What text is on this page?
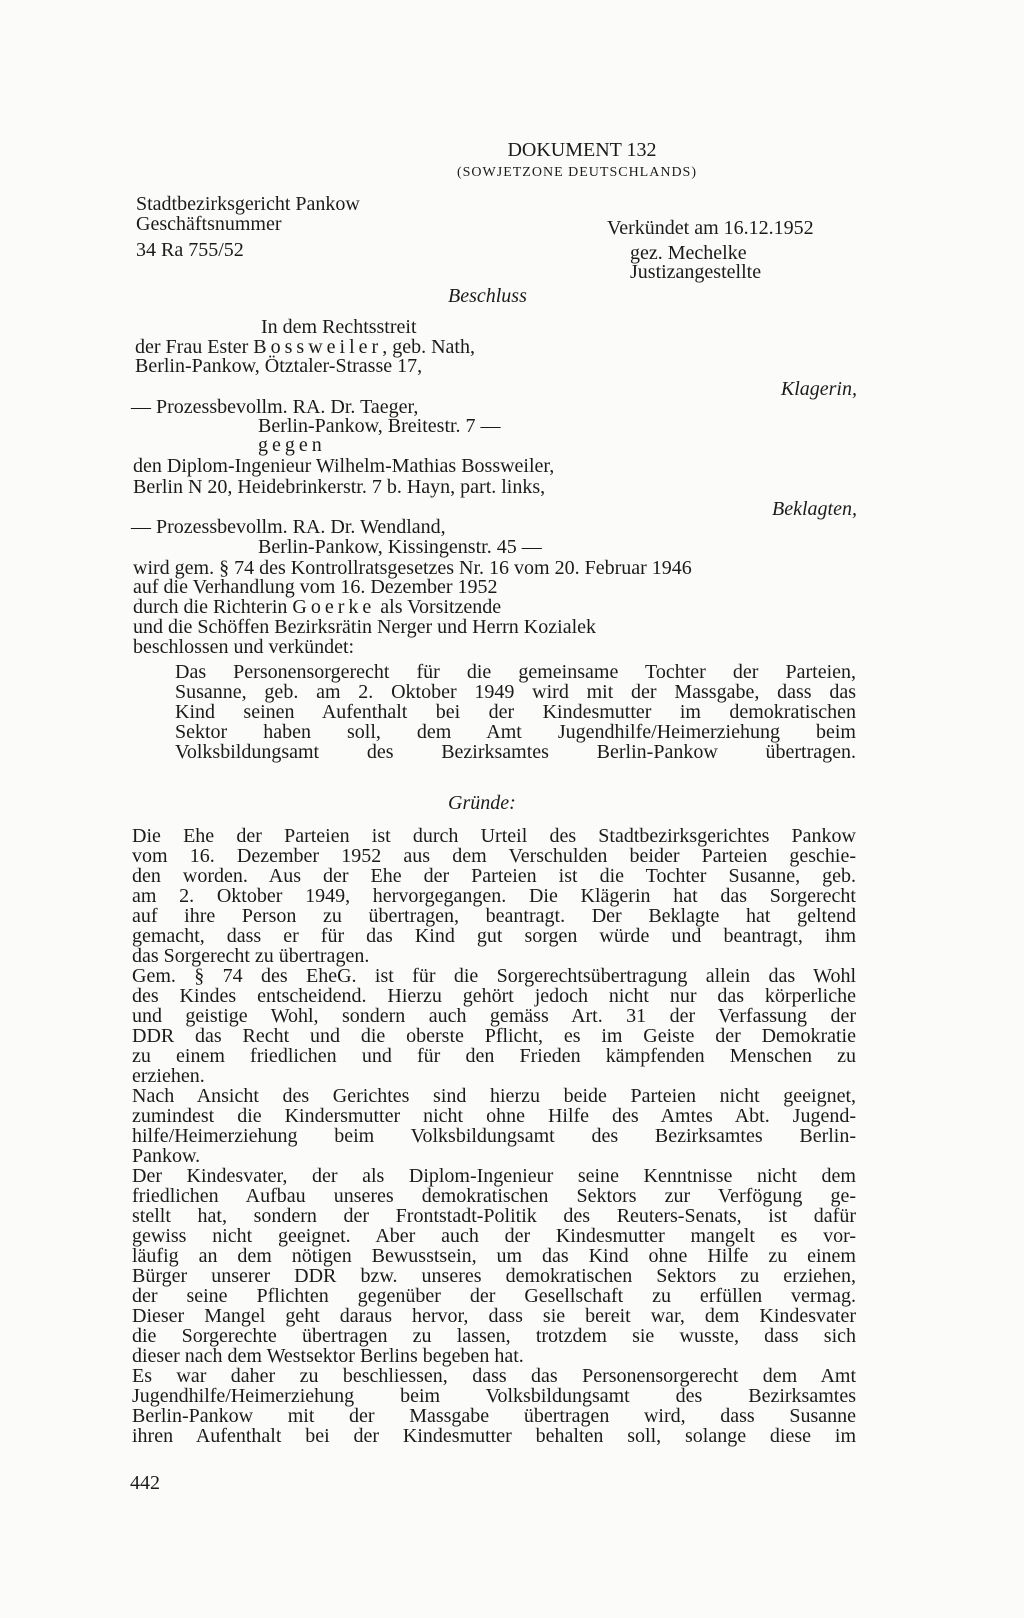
DOKUMENT 132
(SOWJETZONE DEUTSCHLANDS)
Stadtbezirksgericht Pankow
Geschäftsnummer
34 Ra 755/52
Verkündet am 16.12.1952
gez. Mechelke
Justizangestellte
Beschluss
In dem Rechtsstreit
der Frau Ester Bossweiler, geb. Nath,
Berlin-Pankow, Ötztaler-Strasse 17,
Klagerin,
— Prozessbevollm. RA. Dr. Taeger,
Berlin-Pankow, Breitestr. 7 —
gegen
den Diplom-Ingenieur Wilhelm-Mathias Bossweiler,
Berlin N 20, Heidebrinkerstr. 7 b. Hayn, part. links,
Beklagten,
— Prozessbevollm. RA. Dr. Wendland,
Berlin-Pankow, Kissingenstr. 45 —
wird gem. § 74 des Kontrollratsgesetzes Nr. 16 vom 20. Februar 1946
auf die Verhandlung vom 16. Dezember 1952
durch die Richterin Goerke als Vorsitzende
und die Schöffen Bezirksrätin Nerger und Herrn Kozialek
beschlossen und verkündet:
Das Personensorgerecht für die gemeinsame Tochter der Parteien,
Susanne, geb. am 2. Oktober 1949 wird mit der Massgabe, dass das
Kind seinen Aufenthalt bei der Kindesmutter im demokratischen
Sektor haben soll, dem Amt Jugendhilfe/Heimerziehung beim
Volksbildungsamt des Bezirksamtes Berlin-Pankow übertragen.
Gründe:
Die Ehe der Parteien ist durch Urteil des Stadtbezirksgerichtes Pankow
vom 16. Dezember 1952 aus dem Verschulden beider Parteien geschie-
den worden. Aus der Ehe der Parteien ist die Tochter Susanne, geb.
am 2. Oktober 1949, hervorgegangen. Die Klägerin hat das Sorgerecht
auf ihre Person zu übertragen, beantragt. Der Beklagte hat geltend
gemacht, dass er für das Kind gut sorgen würde und beantragt, ihm
das Sorgerecht zu übertragen.
Gem. § 74 des EheG. ist für die Sorgerechtsübertragung allein das Wohl
des Kindes entscheidend. Hierzu gehört jedoch nicht nur das körperliche
und geistige Wohl, sondern auch gemäss Art. 31 der Verfassung der
DDR das Recht und die oberste Pflicht, es im Geiste der Demokratie
zu einem friedlichen und für den Frieden kämpfenden Menschen zu
erziehen.
Nach Ansicht des Gerichtes sind hierzu beide Parteien nicht geeignet,
zumindest die Kindersmutter nicht ohne Hilfe des Amtes Abt. Jugend-
hilfe/Heimerziehung beim Volksbildungsamt des Bezirksamtes Berlin-
Pankow.
Der Kindesvater, der als Diplom-Ingenieur seine Kenntnisse nicht dem
friedlichen Aufbau unseres demokratischen Sektors zur Verfögung ge-
stellt hat, sondern der Frontstadt-Politik des Reuters-Senats, ist dafür
gewiss nicht geeignet. Aber auch der Kindesmutter mangelt es vor-
läufig an dem nötigen Bewusstsein, um das Kind ohne Hilfe zu einem
Bürger unserer DDR bzw. unseres demokratischen Sektors zu erziehen,
der seine Pflichten gegenüber der Gesellschaft zu erfüllen vermag.
Dieser Mangel geht daraus hervor, dass sie bereit war, dem Kindesvater
die Sorgerechte übertragen zu lassen, trotzdem sie wusste, dass sich
dieser nach dem Westsektor Berlins begeben hat.
Es war daher zu beschliessen, dass das Personensorgerecht dem Amt
Jugendhilfe/Heimerziehung beim Volksbildungsamt des Bezirksamtes
Berlin-Pankow mit der Massgabe übertragen wird, dass Susanne
ihren Aufenthalt bei der Kindesmutter behalten soll, solange diese im
442
